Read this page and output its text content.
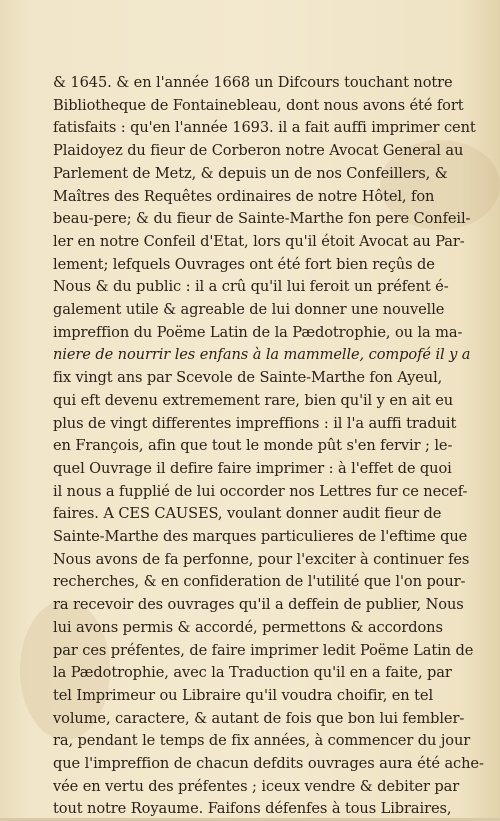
& 1645. & en l'année 1668 un Difcours touchant notre
Bibliotheque de Fontainebleau, dont nous avons été fort
fatisfaits : qu'en l'année 1693. il a fait auffi imprimer cent
Plaidoyez du fieur de Corberon notre Avocat General au
Parlement de Metz, & depuis un de nos Confeillers, &
Maîtres des Requêtes ordinaires de notre Hôtel, fon
beau-pere; & du fieur de Sainte-Marthe fon pere Confeil-
ler en notre Confeil d'Etat, lors qu'il étoit Avocat au Par-
lement; lefquels Ouvrages ont été fort bien reçûs de
Nous & du public : il a crû qu'il lui feroit un préfent é-
galement utile & agreable de lui donner une nouvelle
impreffion du Poëme Latin de la Pædotrophie, ou la ma-
niere de nourrir les enfans à la mammelle, compofé il y a
fix vingt ans par Scevole de Sainte-Marthe fon Ayeul,
qui eft devenu extremement rare, bien qu'il y en ait eu
plus de vingt differentes impreffions : il l'a auffi traduit
en François, afin que tout le monde pût s'en fervir ; le-
quel Ouvrage il defire faire imprimer : à l'effet de quoi
il nous a fupplié de lui occorder nos Lettres fur ce necef-
faires. A CES CAUSES, voulant donner audit fieur de
Sainte-Marthe des marques particulieres de l'eftime que
Nous avons de fa perfonne, pour l'exciter à continuer fes
recherches, & en confideration de l'utilité que l'on pour-
ra recevoir des ouvrages qu'il a deffein de publier, Nous
lui avons permis & accordé, permettons & accordons
par ces préfentes, de faire imprimer ledit Poëme Latin de
la Pædotrophie, avec la Traduction qu'il en a faite, par
tel Imprimeur ou Libraire qu'il voudra choifir, en tel
volume, caractere, & autant de fois que bon lui fembler-
ra, pendant le temps de fix années, à commencer du jour
que l'impreffion de chacun defdits ouvrages aura été ache-
vée en vertu des préfentes ; iceux vendre & debiter par
tout notre Royaume. Faifons défenfes à tous Libraires,
